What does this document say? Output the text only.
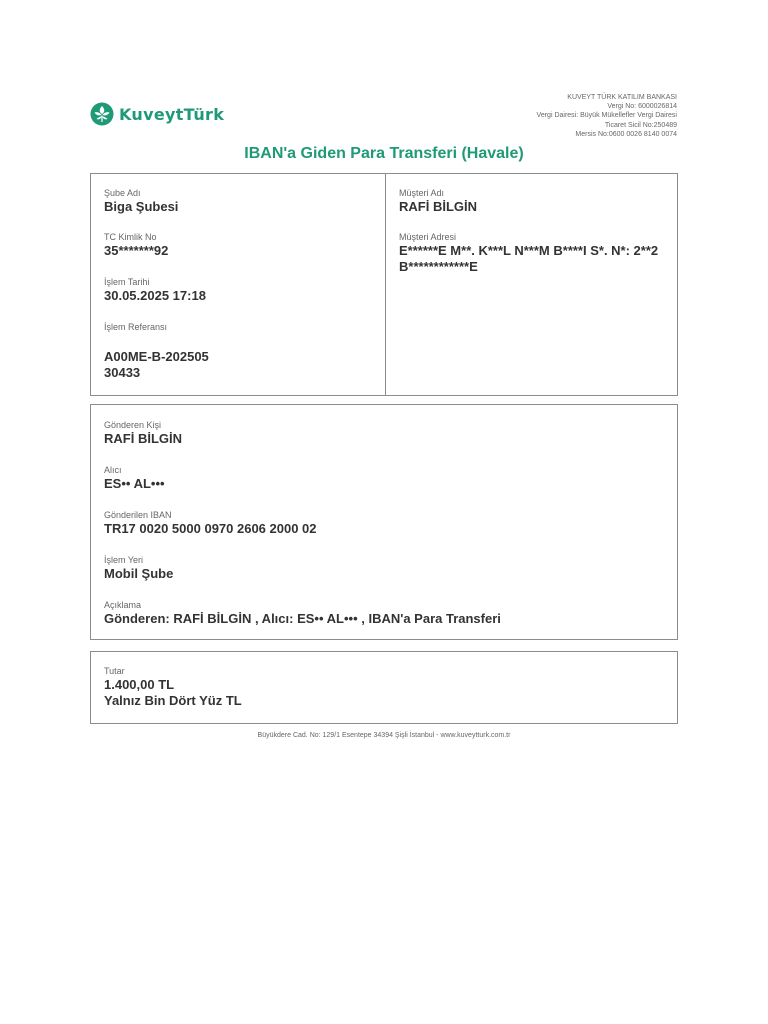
KuveytTürk
KUVEYT TÜRK KATILIM BANKASI
Vergi No: 6000026814
Vergi Dairesi: Büyük Mükellefler Vergi Dairesi
Ticaret Sicil No:250489
Mersis No:0600 0026 8140 0074
IBAN'a Giden Para Transferi (Havale)
Şube Adı
Biga Şubesi
TC Kimlik No
35*******92
İşlem Tarihi
30.05.2025 17:18
İşlem Referansı
A00ME-B-202505
30433
Müşteri Adı
RAFİ BİLGİN
Müşteri Adresi
E******E M**. K***L N***M B****I S*. N*: 2**2 B************E
Gönderen Kişi
RAFİ BİLGİN
Alıcı
ES•• AL•••
Gönderilen IBAN
TR17 0020 5000 0970 2606 2000 02
İşlem Yeri
Mobil Şube
Açıklama
Gönderen: RAFİ BİLGİN , Alıcı: ES•• AL••• , IBAN'a Para Transferi
Tutar
1.400,00 TL
Yalnız Bin Dört Yüz TL
Büyükdere Cad. No: 129/1 Esentepe 34394 Şişli İstanbul - www.kuveytturk.com.tr
